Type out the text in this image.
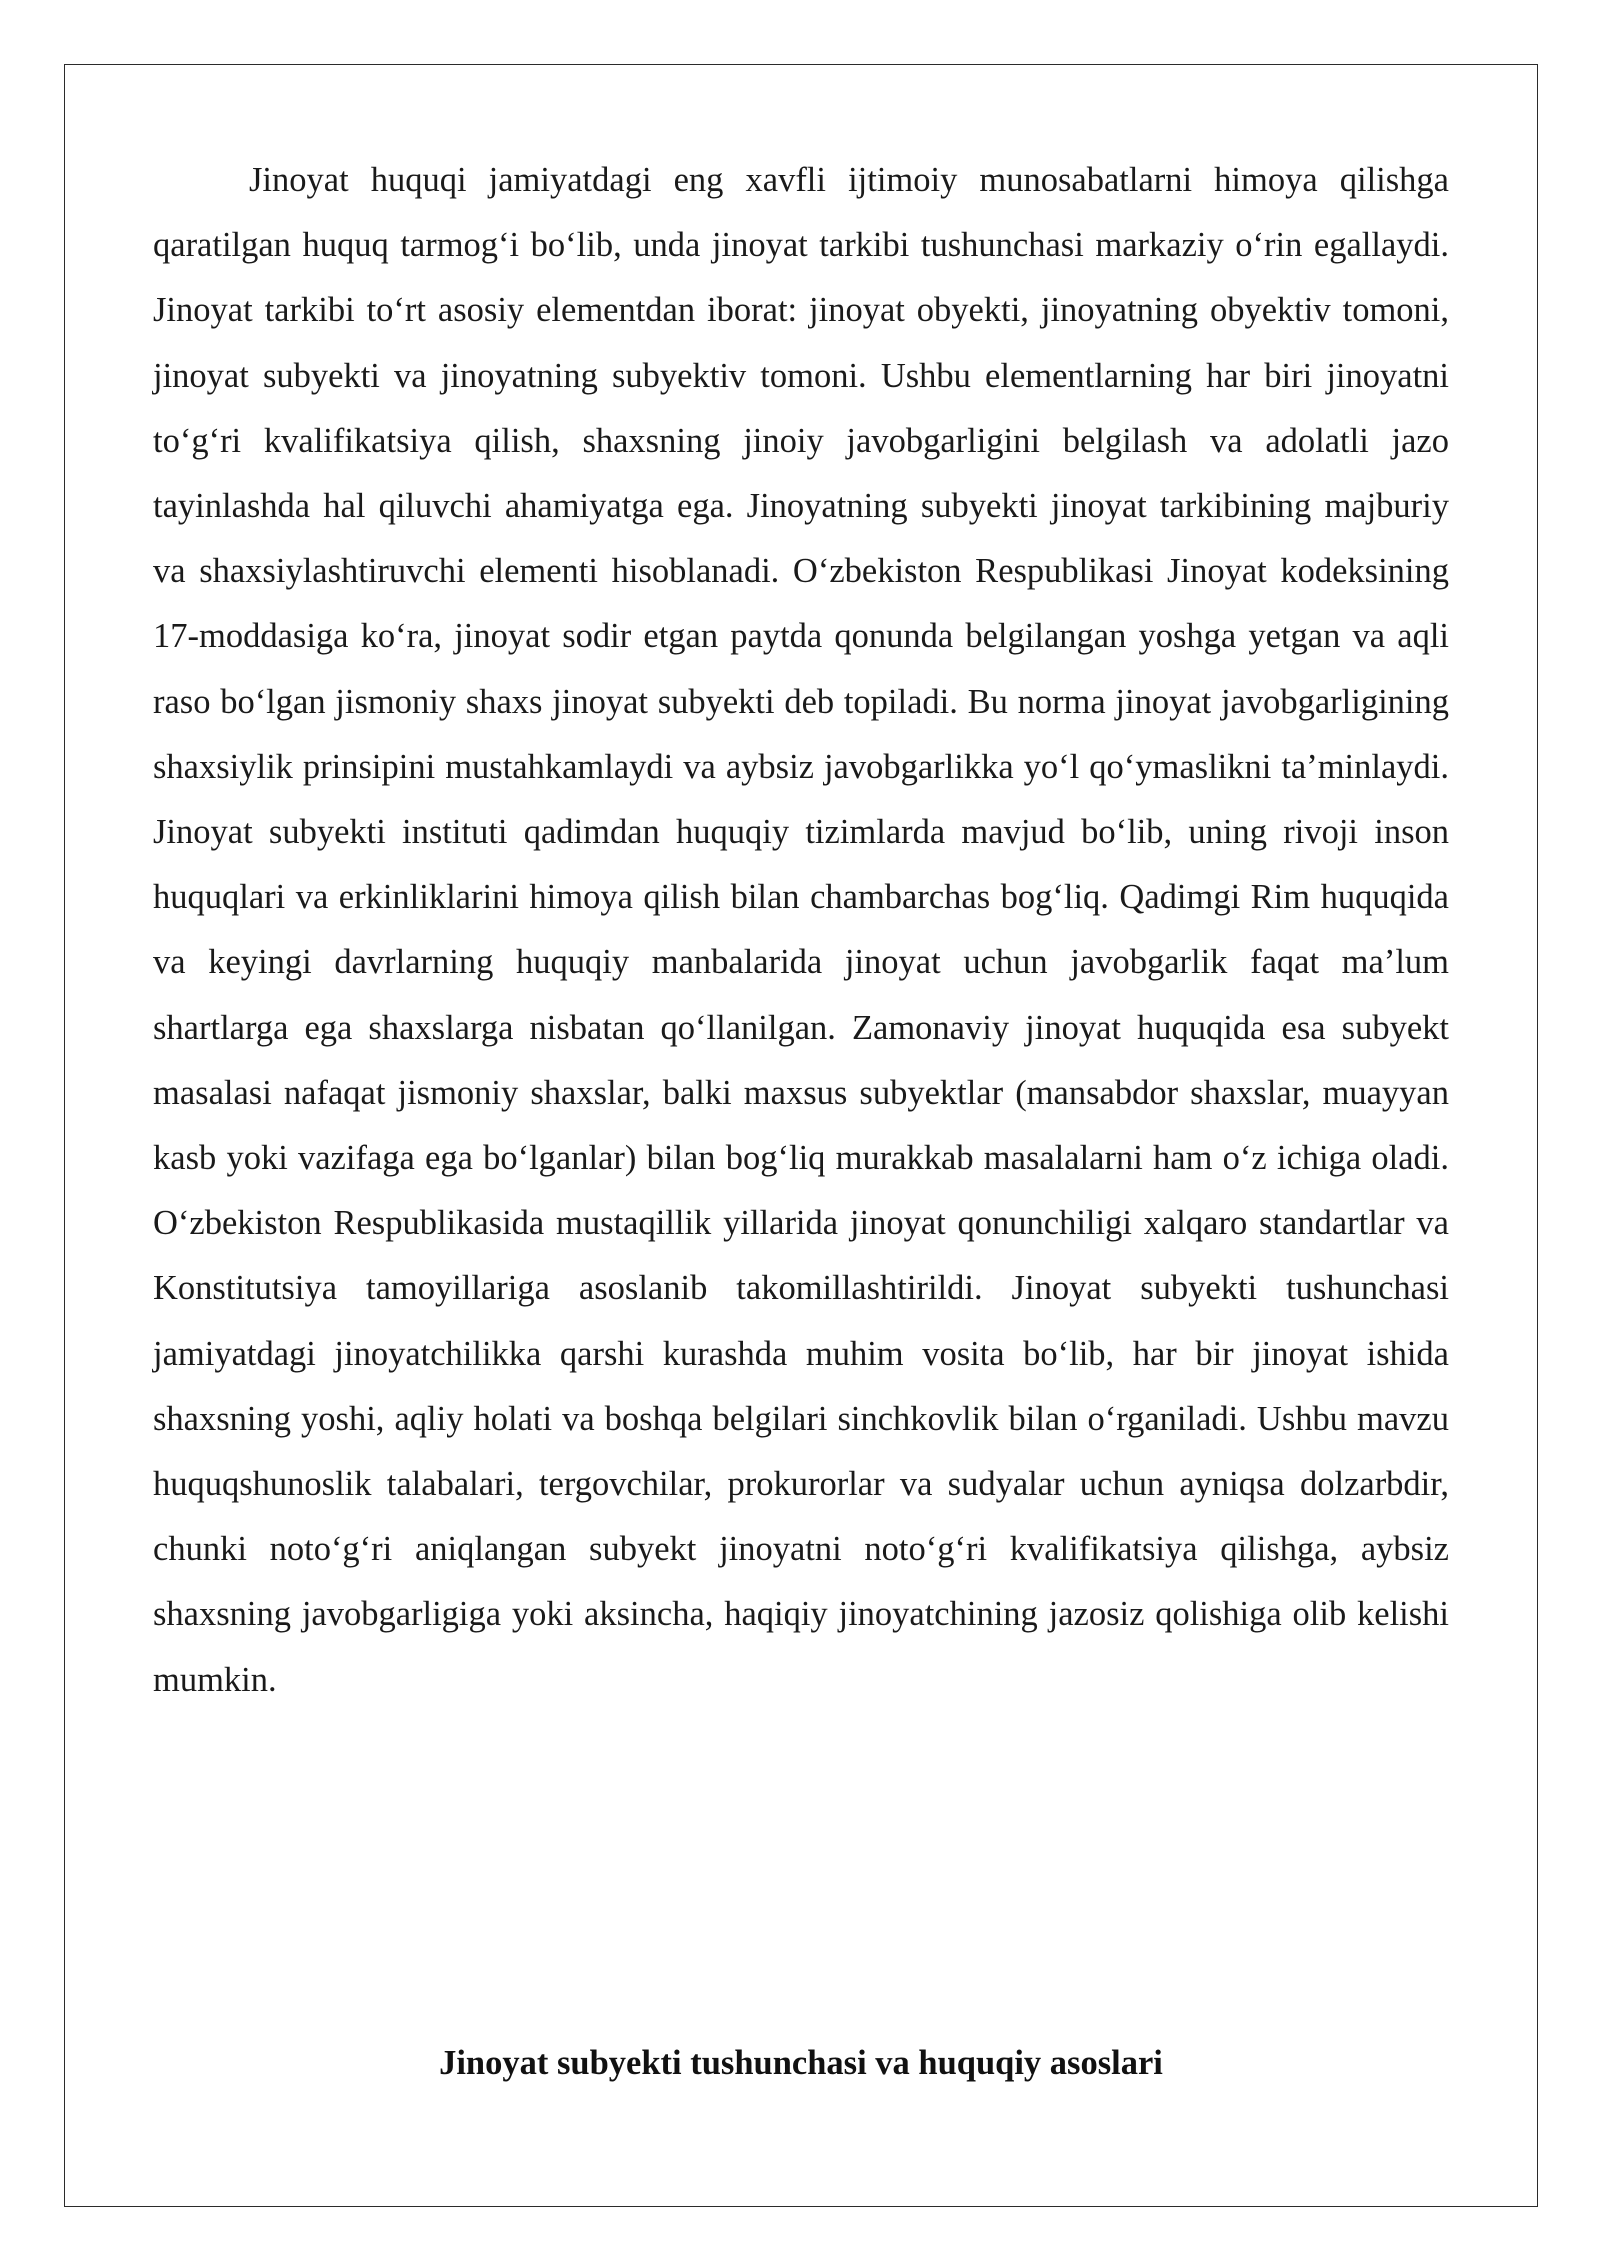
Jinoyat huquqi jamiyatdagi eng xavfli ijtimoiy munosabatlarni himoya qilishga qaratilgan huquq tarmog‘i bo‘lib, unda jinoyat tarkibi tushunchasi markaziy o‘rin egallaydi. Jinoyat tarkibi to‘rt asosiy elementdan iborat: jinoyat obyekti, jinoyatning obyektiv tomoni, jinoyat subyekti va jinoyatning subyektiv tomoni. Ushbu elementlarning har biri jinoyatni to‘g‘ri kvalifikatsiya qilish, shaxsning jinoiy javobgarligini belgilash va adolatli jazo tayinlashda hal qiluvchi ahamiyatga ega. Jinoyatning subyekti jinoyat tarkibining majburiy va shaxsiylashtiruvchi elementi hisoblanadi. O‘zbekiston Respublikasi Jinoyat kodeksining 17-moddasiga ko‘ra, jinoyat sodir etgan paytda qonunda belgilangan yoshga yetgan va aqli raso bo‘lgan jismoniy shaxs jinoyat subyekti deb topiladi. Bu norma jinoyat javobgarligining shaxsiylik prinsipini mustahkamlaydi va aybsiz javobgarlikka yo‘l qo‘ymaslikni ta’minlaydi. Jinoyat subyekti instituti qadimdan huquqiy tizimlarda mavjud bo‘lib, uning rivoji inson huquqlari va erkinliklarini himoya qilish bilan chambarchas bog‘liq. Qadimgi Rim huquqida va keyingi davrlarning huquqiy manbalarida jinoyat uchun javobgarlik faqat ma’lum shartlarga ega shaxslarga nisbatan qo‘llanilgan. Zamonaviy jinoyat huquqida esa subyekt masalasi nafaqat jismoniy shaxslar, balki maxsus subyektlar (mansabdor shaxslar, muayyan kasb yoki vazifaga ega bo‘lganlar) bilan bog‘liq murakkab masalalarni ham o‘z ichiga oladi. O‘zbekiston Respublikasida mustaqillik yillarida jinoyat qonunchiligi xalqaro standartlar va Konstitutsiya tamoyillariga asoslanib takomillashtirildi. Jinoyat subyekti tushunchasi jamiyatdagi jinoyatchilikka qarshi kurashda muhim vosita bo‘lib, har bir jinoyat ishida shaxsning yoshi, aqliy holati va boshqa belgilari sinchkovlik bilan o‘rganiladi. Ushbu mavzu huquqshunoslik talabalari, tergovchilar, prokurorlar va sudyalar uchun ayniqsa dolzarbdir, chunki noto‘g‘ri aniqlangan subyekt jinoyatni noto‘g‘ri kvalifikatsiya qilishga, aybsiz shaxsning javobgarligiga yoki aksincha, haqiqiy jinoyatchining jazosiz qolishiga olib kelishi mumkin.

Jinoyat subyekti tushunchasi va huquqiy asoslari
